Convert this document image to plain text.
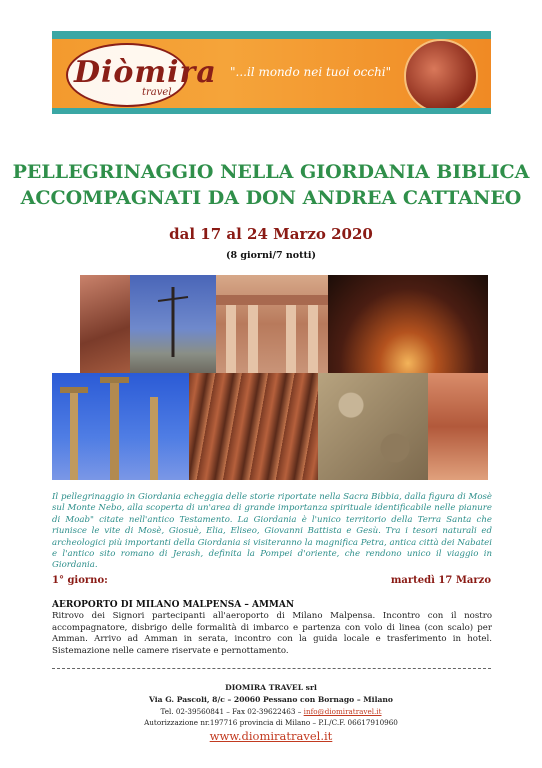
Diòmira
travel
"...il mondo nei tuoi occhi"
PELLEGRINAGGIO NELLA GIORDANIA BIBLICA
ACCOMPAGNATI DA DON ANDREA CATTANEO
dal 17 al 24 Marzo 2020
(8 giorni/7 notti)
Il pellegrinaggio in Giordania echeggia delle storie riportate nella Sacra Bibbia, dalla figura di Mosè sul Monte Nebo, alla scoperta di un'area di grande importanza spirituale identificabile nelle pianure di Moab" citate nell'antico Testamento. La Giordania è l'unico territorio della Terra Santa che riunisce le vite di Mosè, Giosuè, Elia, Eliseo, Giovanni Battista e Gesù. Tra i tesori naturali ed archeologici più importanti della Giordania si visiteranno la magnifica Petra, antica città dei Nabatei e l'antico sito romano di Jerash, definita la Pompei d'oriente, che rendono unico il viaggio in Giordania.
1° giorno:	martedì 17 Marzo
AEROPORTO DI MILANO MALPENSA – AMMAN
Ritrovo dei Signori partecipanti all'aeroporto di Milano Malpensa. Incontro con il nostro accompagnatore, disbrigo delle formalità di imbarco e partenza con volo di linea (con scalo) per Amman. Arrivo ad Amman in serata, incontro con la guida locale e trasferimento in hotel. Sistemazione nelle camere riservate e pernottamento.
DIOMIRA TRAVEL srl
Via G. Pascoli, 8/c – 20060 Pessano con Bornago – Milano
Tel. 02-39560841 – Fax 02-39622463 – info@diomiratravel.it
Autorizzazione nr.197716 provincia di Milano – P.I./C.F. 06617910960
www.diomiratravel.it
